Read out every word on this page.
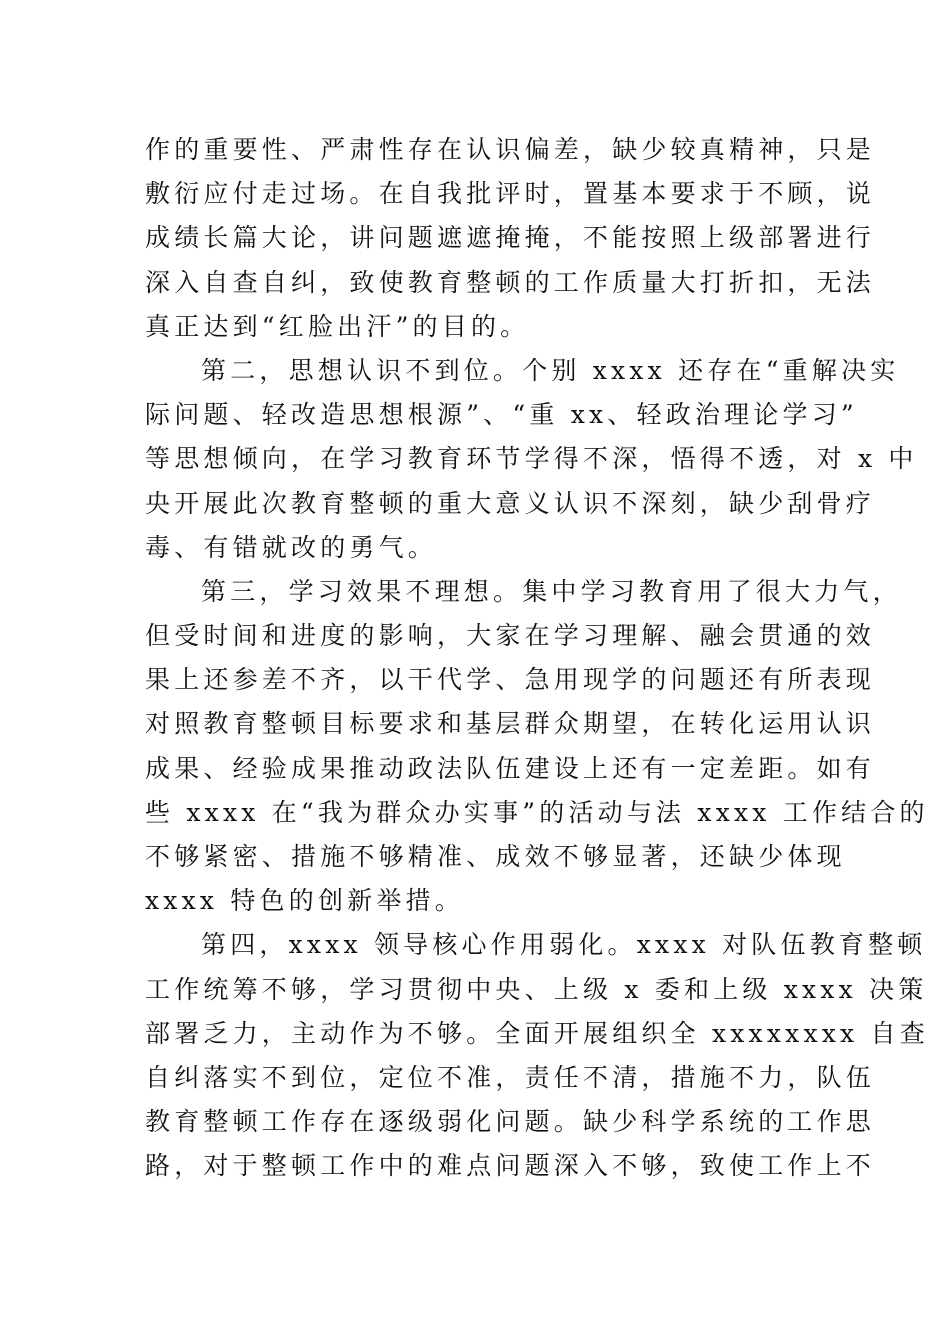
作的重要性、严肃性存在认识偏差，缺少较真精神，只是
敷衍应付走过场。在自我批评时，置基本要求于不顾，说
成绩长篇大论，讲问题遮遮掩掩，不能按照上级部署进行
深入自查自纠，致使教育整顿的工作质量大打折扣，无法
真正达到“红脸出汗”的目的。
第二，思想认识不到位。个别 xxxx 还存在“重解决实
际问题、轻改造思想根源”、“重 xx、轻政治理论学习”
等思想倾向，在学习教育环节学得不深，悟得不透，对 x 中
央开展此次教育整顿的重大意义认识不深刻，缺少刮骨疗
毒、有错就改的勇气。
第三，学习效果不理想。集中学习教育用了很大力气，
但受时间和进度的影响，大家在学习理解、融会贯通的效
果上还参差不齐，以干代学、急用现学的问题还有所表现
对照教育整顿目标要求和基层群众期望，在转化运用认识
成果、经验成果推动政法队伍建设上还有一定差距。如有
些 xxxx 在“我为群众办实事”的活动与法 xxxx 工作结合的
不够紧密、措施不够精准、成效不够显著，还缺少体现
xxxx 特色的创新举措。
第四，xxxx 领导核心作用弱化。xxxx 对队伍教育整顿
工作统筹不够，学习贯彻中央、上级 x 委和上级 xxxx 决策
部署乏力，主动作为不够。全面开展组织全 xxxxxxxx 自查
自纠落实不到位，定位不准，责任不清，措施不力，队伍
教育整顿工作存在逐级弱化问题。缺少科学系统的工作思
路，对于整顿工作中的难点问题深入不够，致使工作上不
